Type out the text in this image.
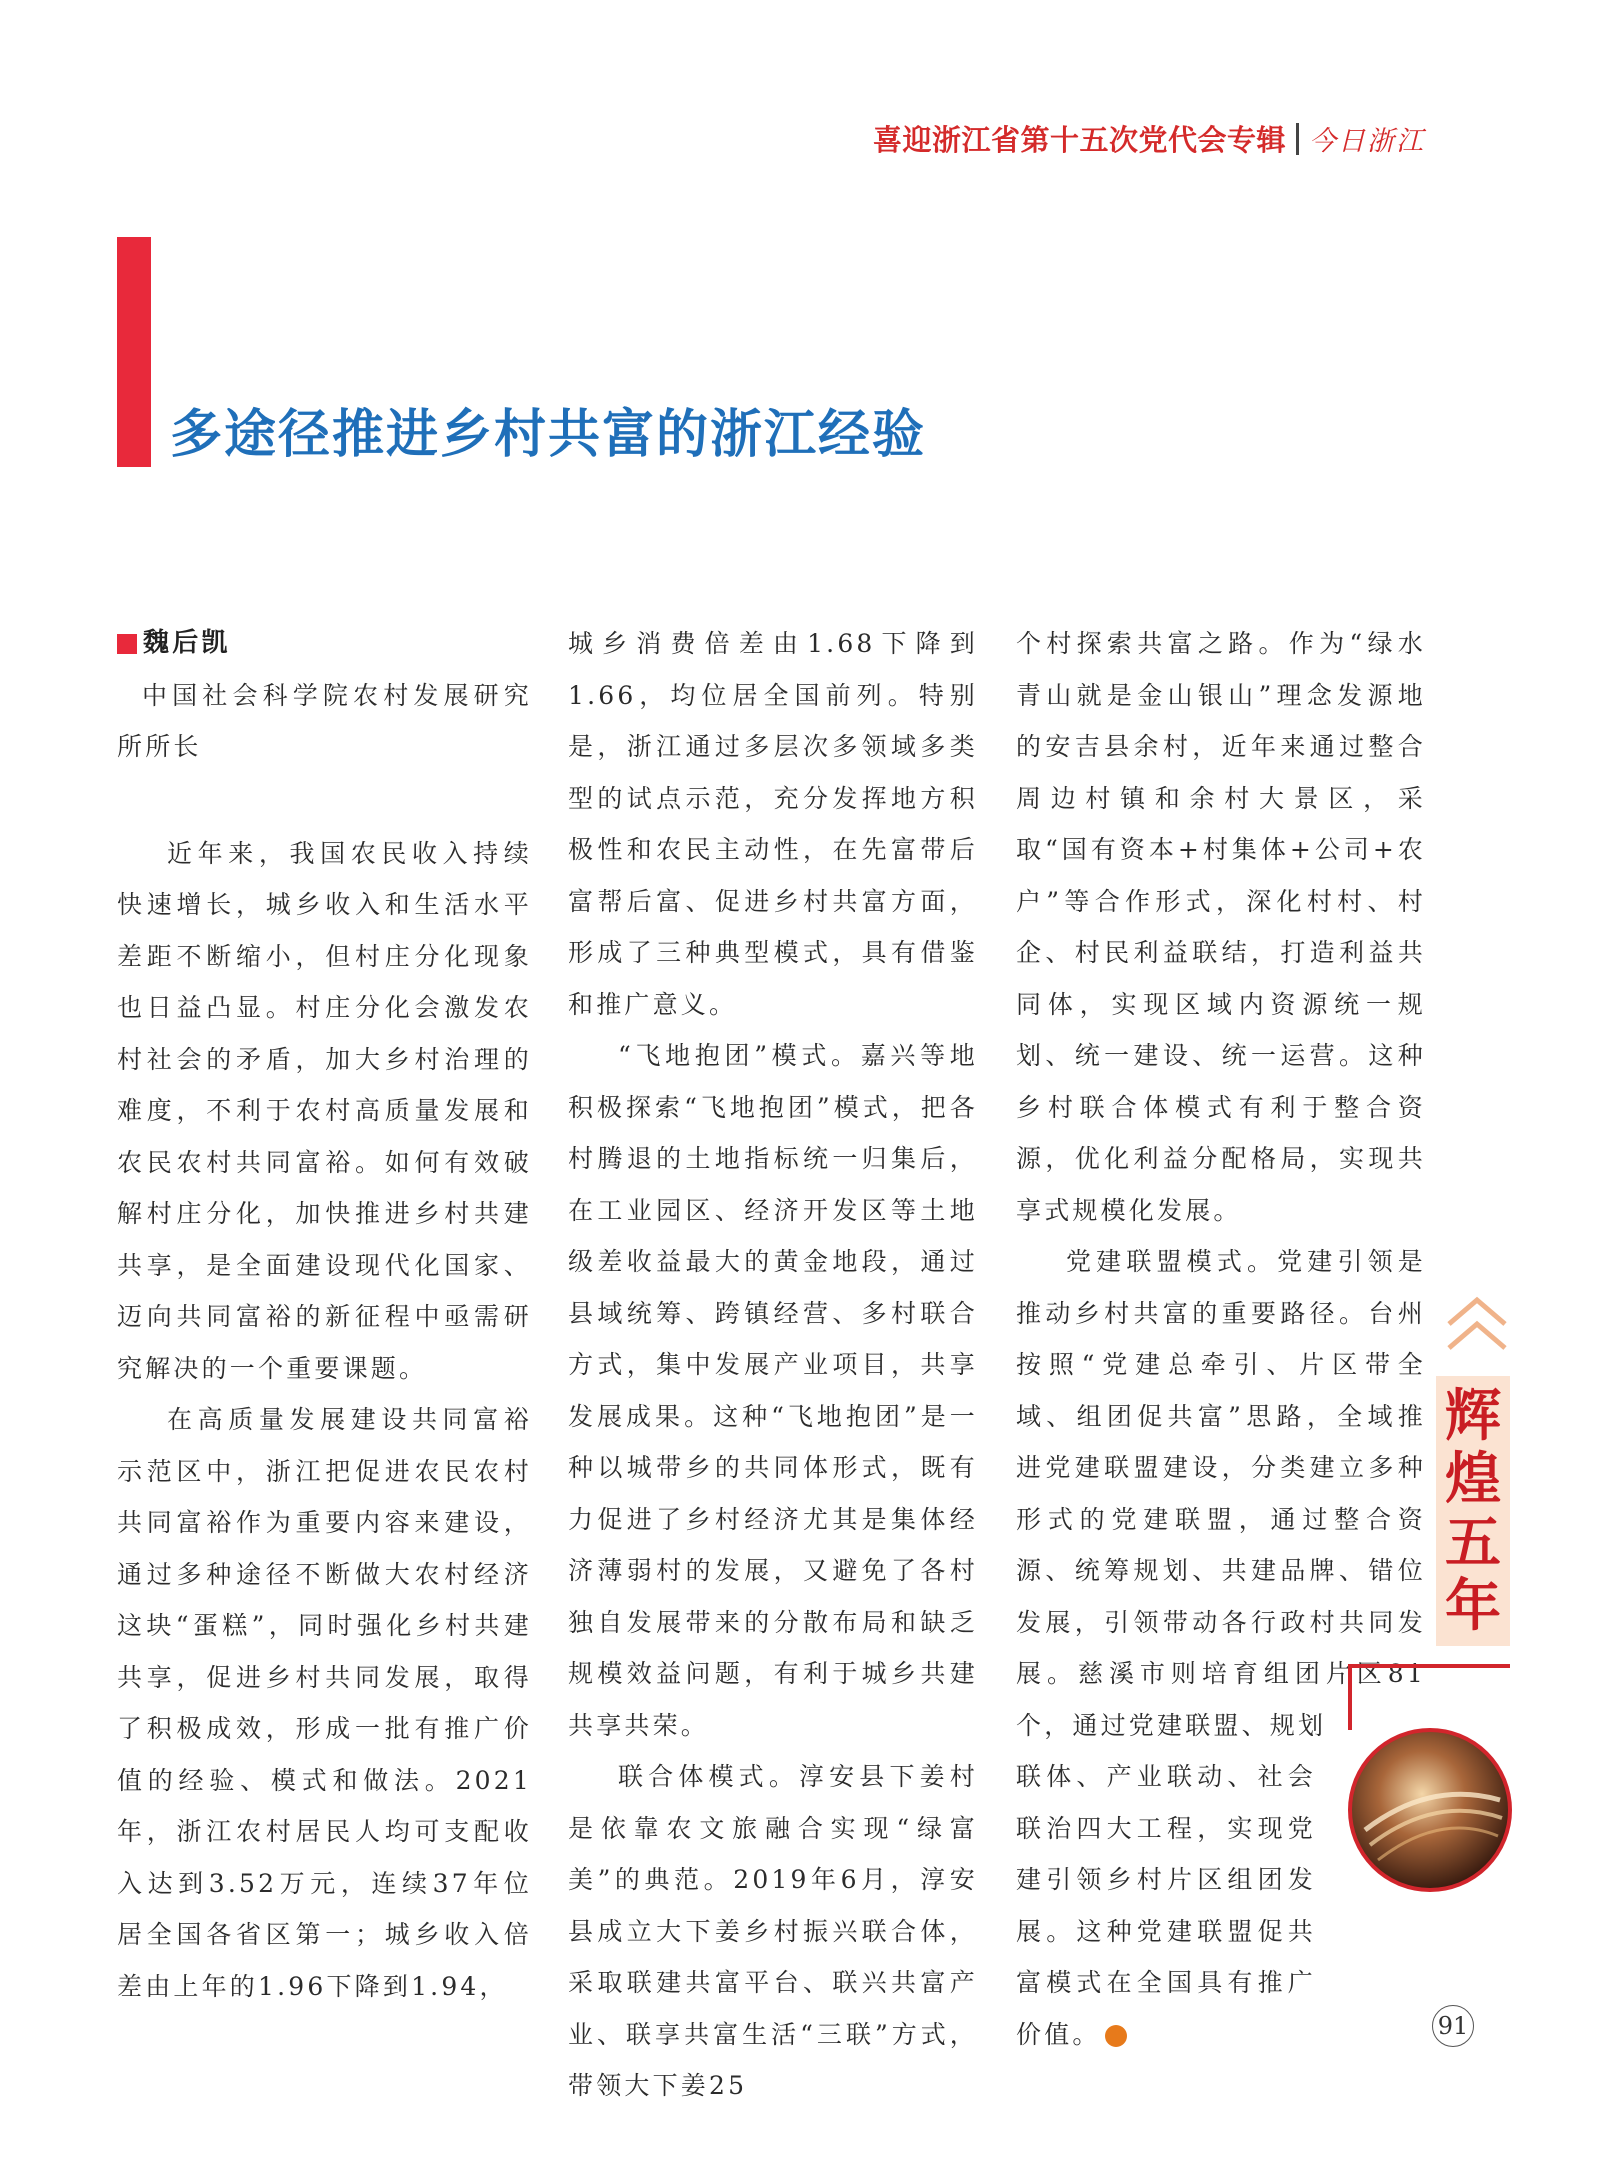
喜迎浙江省第十五次党代会专辑 今日浙江
多途径推进乡村共富的浙江经验
魏后凯

中国社会科学院农村发展研究所所长

近年来，我国农民收入持续快速增长，城乡收入和生活水平差距不断缩小，但村庄分化现象也日益凸显。村庄分化会激发农村社会的矛盾，加大乡村治理的难度，不利于农村高质量发展和农民农村共同富裕。如何有效破解村庄分化，加快推进乡村共建共享，是全面建设现代化国家、迈向共同富裕的新征程中亟需研究解决的一个重要课题。

在高质量发展建设共同富裕示范区中，浙江把促进农民农村共同富裕作为重要内容来建设，通过多种途径不断做大农村经济这块“蛋糕”，同时强化乡村共建共享，促进乡村共同发展，取得了积极成效，形成一批有推广价值的经验、模式和做法。2021年，浙江农村居民人均可支配收入达到3.52万元，连续37年位居全国各省区第一；城乡收入倍差由上年的1.96下降到1.94，

城乡消费倍差由1.68下降到1.66，均位居全国前列。特别是，浙江通过多层次多领域多类型的试点示范，充分发挥地方积极性和农民主动性，在先富带后富帮后富、促进乡村共富方面，形成了三种典型模式，具有借鉴和推广意义。

“飞地抱团”模式。嘉兴等地积极探索“飞地抱团”模式，把各村腾退的土地指标统一归集后，在工业园区、经济开发区等土地级差收益最大的黄金地段，通过县域统筹、跨镇经营、多村联合方式，集中发展产业项目，共享发展成果。这种“飞地抱团”是一种以城带乡的共同体形式，既有力促进了乡村经济尤其是集体经济薄弱村的发展，又避免了各村独自发展带来的分散布局和缺乏规模效益问题，有利于城乡共建共享共荣。

联合体模式。淳安县下姜村是依靠农文旅融合实现“绿富美”的典范。2019年6月，淳安县成立大下姜乡村振兴联合体，采取联建共富平台、联兴共富产业、联享共富生活“三联”方式，带领大下姜25

个村探索共富之路。作为“绿水青山就是金山银山”理念发源地的安吉县余村，近年来通过整合周边村镇和余村大景区，采取“国有资本+村集体+公司+农户”等合作形式，深化村村、村企、村民利益联结，打造利益共同体，实现区域内资源统一规划、统一建设、统一运营。这种乡村联合体模式有利于整合资源，优化利益分配格局，实现共享式规模化发展。

党建联盟模式。党建引领是推动乡村共富的重要路径。台州按照“党建总牵引、片区带全域、组团促共富”思路，全域推进党建联盟建设，分类建立多种形式的党建联盟，通过整合资源、统筹规划、共建品牌、错位发展，引领带动各行政村共同发展。慈溪市则培育组团片区81个，通过党建联盟、规划

联体、产业联动、社会联治四大工程，实现党建引领乡村片区组团发展。这种党建联盟促共富模式在全国具有推广价值。

辉
煌
五
年
91
